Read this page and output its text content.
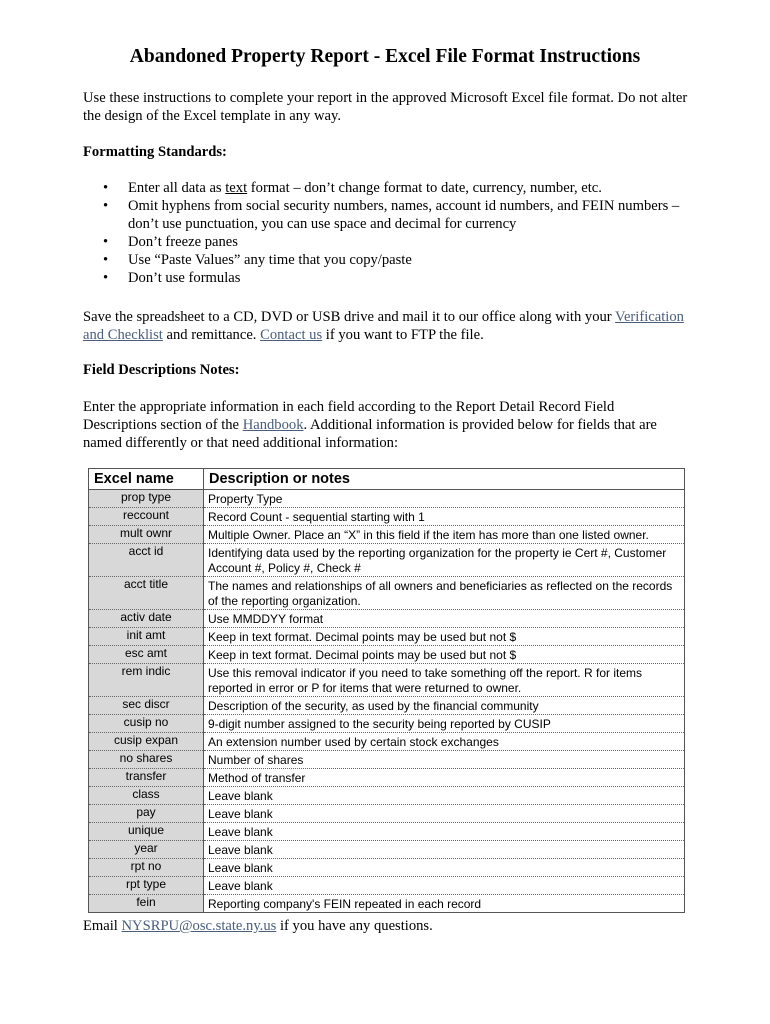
Abandoned Property Report - Excel File Format Instructions
Use these instructions to complete your report in the approved Microsoft Excel file format. Do not alter the design of the Excel template in any way.
Formatting Standards:
• Enter all data as text format – don’t change format to date, currency, number, etc.
• Omit hyphens from social security numbers, names, account id numbers, and FEIN numbers – don’t use punctuation, you can use space and decimal for currency
• Don’t freeze panes
• Use “Paste Values” any time that you copy/paste
• Don’t use formulas
Save the spreadsheet to a CD, DVD or USB drive and mail it to our office along with your Verification and Checklist and remittance. Contact us if you want to FTP the file.
Field Descriptions Notes:
Enter the appropriate information in each field according to the Report Detail Record Field Descriptions section of the Handbook. Additional information is provided below for fields that are named differently or that need additional information:
Excel name	Description or notes
prop type	Property Type
reccount	Record Count - sequential starting with 1
mult ownr	Multiple Owner. Place an “X” in this field if the item has more than one listed owner.
acct id	Identifying data used by the reporting organization for the property ie Cert #, Customer Account #, Policy #, Check #
acct title	The names and relationships of all owners and beneficiaries as reflected on the records of the reporting organization.
activ date	Use MMDDYY format
init amt	Keep in text format. Decimal points may be used but not $
esc amt	Keep in text format. Decimal points may be used but not $
rem indic	Use this removal indicator if you need to take something off the report. R for items reported in error or P for items that were returned to owner.
sec discr	Description of the security, as used by the financial community
cusip no	9-digit number assigned to the security being reported by CUSIP
cusip expan	An extension number used by certain stock exchanges
no shares	Number of shares
transfer	Method of transfer
class	Leave blank
pay	Leave blank
unique	Leave blank
year	Leave blank
rpt no	Leave blank
rpt type	Leave blank
fein	Reporting company's FEIN repeated in each record
Email NYSRPU@osc.state.ny.us if you have any questions.
